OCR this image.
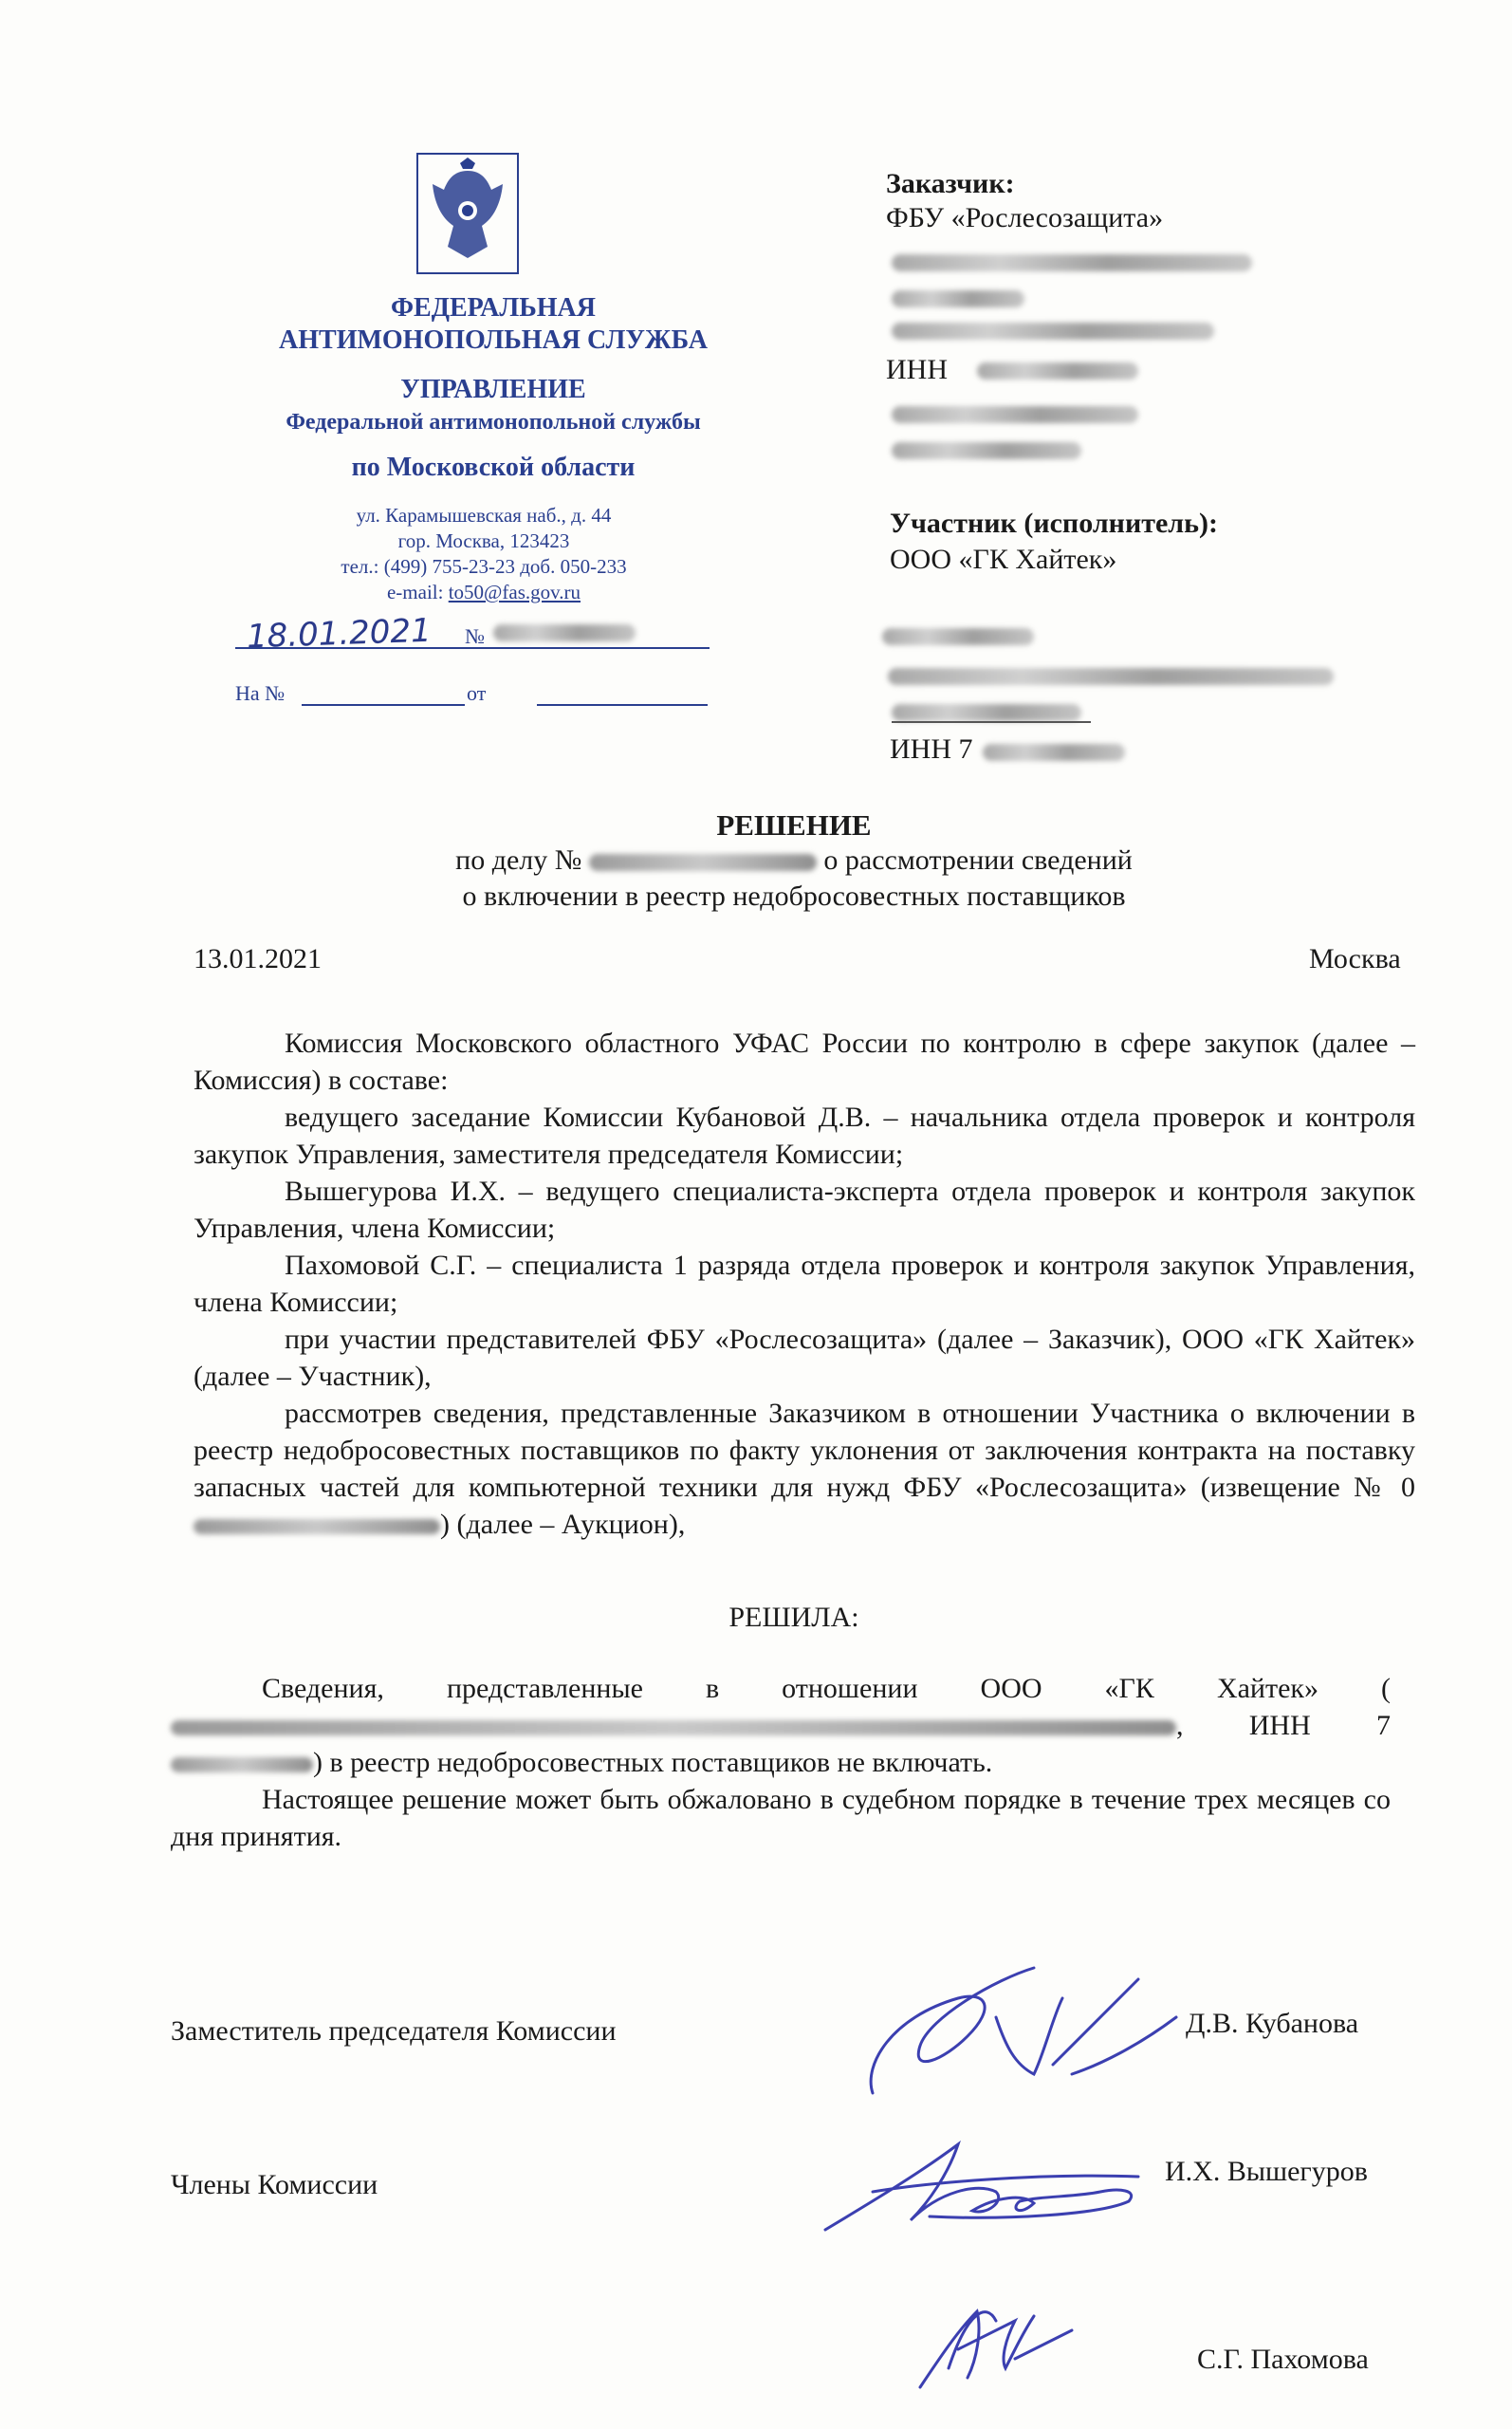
ФЕДЕРАЛЬНАЯ
АНТИМОНОПОЛЬНАЯ СЛУЖБА
УПРАВЛЕНИЕ
Федеральной антимонопольной службы
по Московской области
ул. Карамышевская наб., д. 44
гор. Москва, 123423
тел.: (499) 755-23-23 доб. 050-233
e-mail: to50@fas.gov.ru
18.01.2021 №
На №	от
Заказчик:
ФБУ «Рослесозащита»
ИНН
Участник (исполнитель):
ООО «ГК Хайтек»
ИНН 7
РЕШЕНИЕ
по делу №	о рассмотрении сведений
о включении в реестр недобросовестных поставщиков
13.01.2021	Москва

Комиссия Московского областного УФАС России по контролю в сфере закупок (далее – Комиссия) в составе:

ведущего заседание Комиссии Кубановой Д.В. – начальника отдела проверок и контроля закупок Управления, заместителя председателя Комиссии;

Вышегурова И.Х. – ведущего специалиста-эксперта отдела проверок и контроля закупок Управления, члена Комиссии;

Пахомовой С.Г. – специалиста 1 разряда отдела проверок и контроля закупок Управления, члена Комиссии;

при участии представителей ФБУ «Рослесозащита» (далее – Заказчик), ООО «ГК Хайтек» (далее – Участник),

рассмотрев сведения, представленные Заказчиком в отношении Участника о включении в реестр недобросовестных поставщиков по факту уклонения от заключения контракта на поставку запасных частей для компьютерной техники для нужд ФБУ «Рослесозащита» (извещение № 0) (далее – Аукцион),

РЕШИЛА:

Сведения, представленные в отношении ООО «ГК Хайтек» (, ИНН 7) в реестр недобросовестных поставщиков не включать.

Настоящее решение может быть обжаловано в судебном порядке в течение трех месяцев со дня принятия.

Заместитель председателя Комиссии	Д.В. Кубанова
Члены Комиссии	И.Х. Вышегуров
С.Г. Пахомова
